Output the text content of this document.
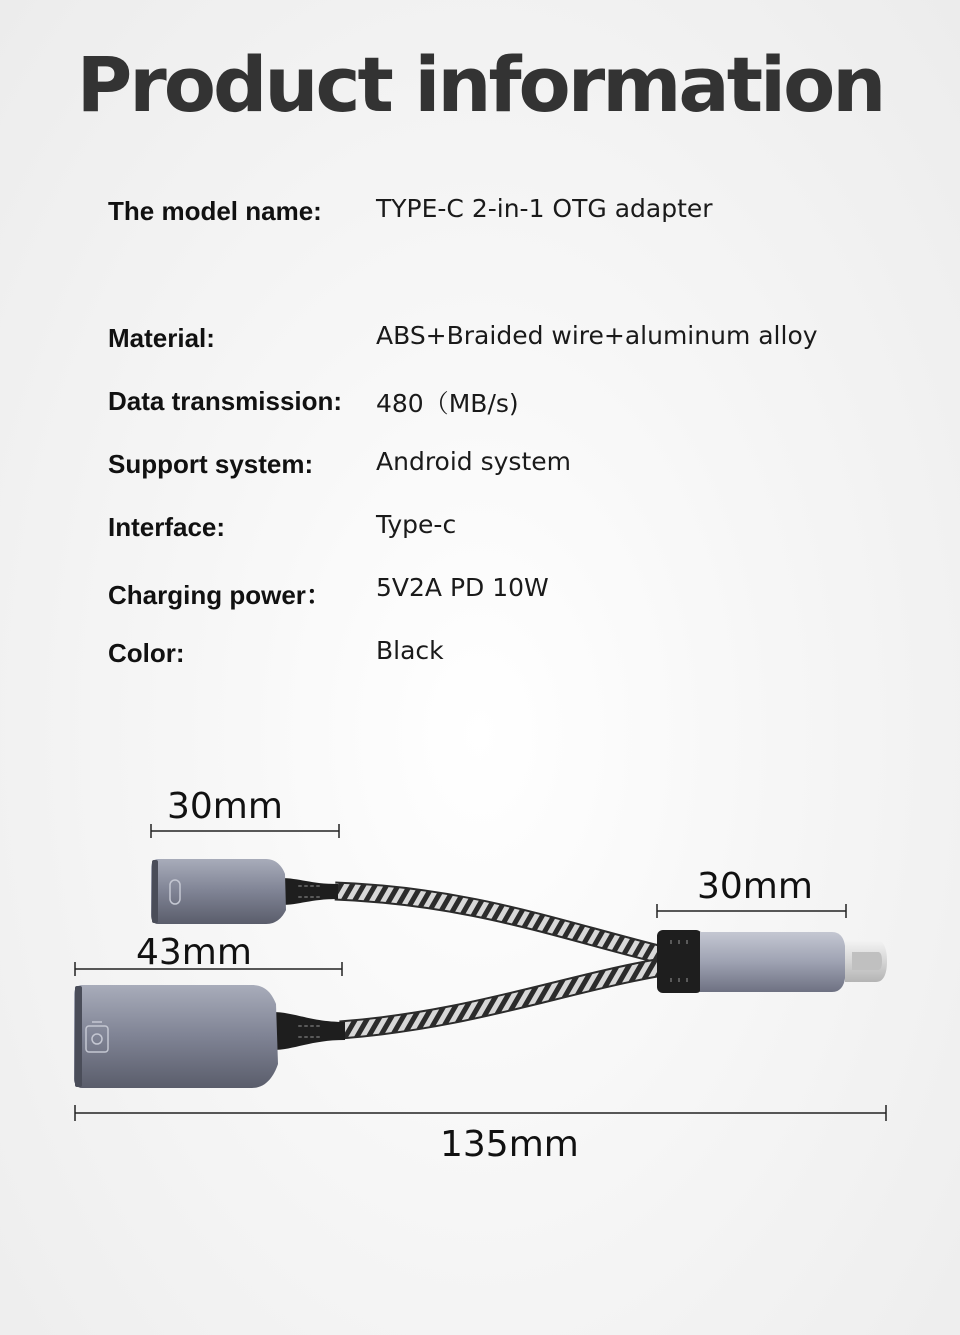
Product information
The model name: TYPE-C 2-in-1 OTG adapter
Material:	ABS+Braided wire+aluminum alloy
Data transmission: 480（MB/s)
Support system:	Android system
Interface:	Type-c
Charging power： 5V2A PD 10W
Color:	Black
30mm
30mm
43mm
135mm
